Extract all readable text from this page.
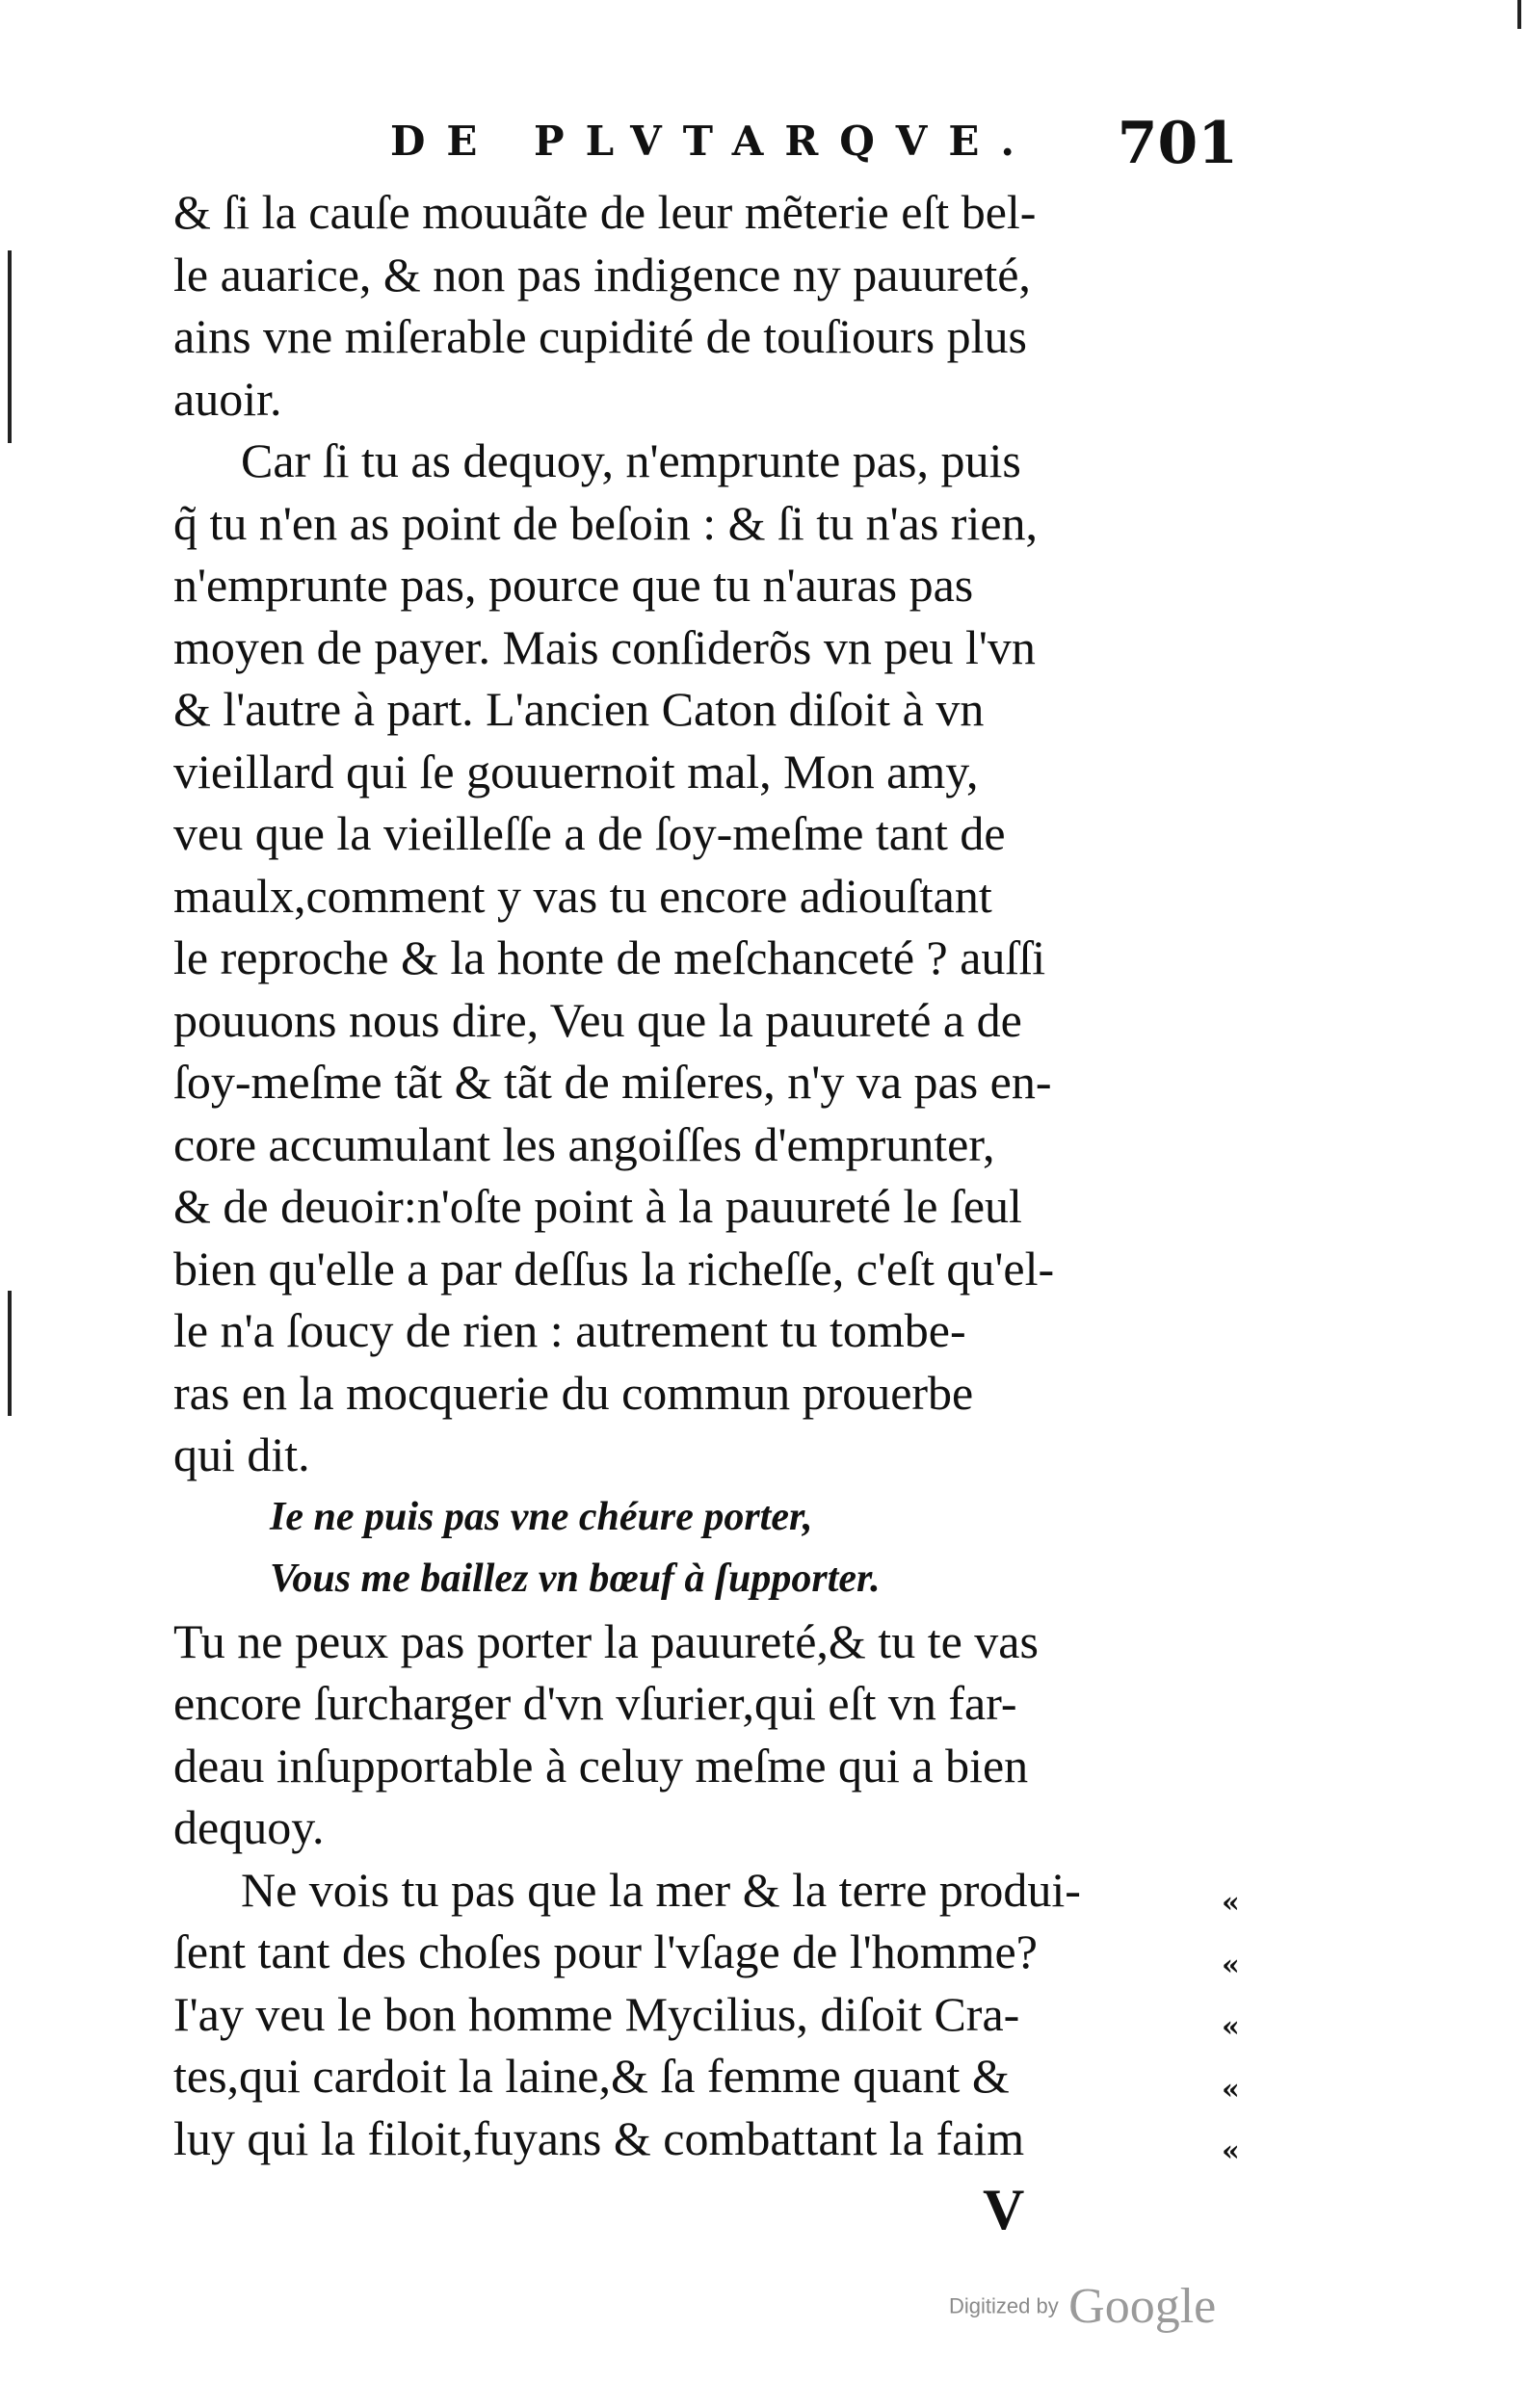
DE PLVTARQVE. 701
& ſi la cauſe mouuãte de leur mẽterie eſt bel-
le auarice, & non pas indigence ny pauureté,
ains vne miſerable cupidité de touſiours plus
auoir.
Car ſi tu as dequoy, n'emprunte pas, puis
q̃ tu n'en as point de beſoin : & ſi tu n'as rien,
n'emprunte pas, pource que tu n'auras pas
moyen de payer. Mais conſiderõs vn peu l'vn
& l'autre à part. L'ancien Caton diſoit à vn
vieillard qui ſe gouuernoit mal, Mon amy,
veu que la vieilleſſe a de ſoy-meſme tant de
maulx,comment y vas tu encore adiouſtant
le reproche & la honte de meſchanceté ? auſſi
pouuons nous dire, Veu que la pauureté a de
ſoy-meſme tãt & tãt de miſeres, n'y va pas en-
core accumulant les angoiſſes d'emprunter,
& de deuoir:n'oſte point à la pauureté le ſeul
bien qu'elle a par deſſus la richeſſe, c'eſt qu'el-
le n'a ſoucy de rien : autrement tu tombe-
ras en la mocquerie du commun prouerbe
qui dit.
Ie ne puis pas vne chéure porter,
Vous me baillez vn bœuf à ſupporter.
Tu ne peux pas porter la pauureté,& tu te vas
encore ſurcharger d'vn vſurier,qui eſt vn far-
deau inſupportable à celuy meſme qui a bien
dequoy.
Ne vois tu pas que la mer & la terre produi-
ſent tant des choſes pour l'vſage de l'homme?
I'ay veu le bon homme Mycilius, diſoit Cra-
tes,qui cardoit la laine,& ſa femme quant &
luy qui la filoit,fuyans & combattant la faim
«
«
«
«
«
V
Digitized by Google
